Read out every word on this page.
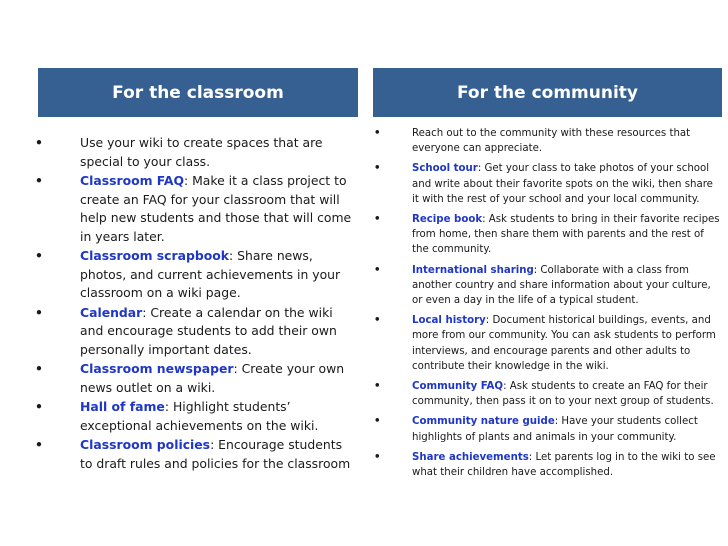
For the classroom
•	Use your wiki to create spaces that are special to your class.
•	Classroom FAQ: Make it a class project to create an FAQ for your classroom that will help new students and those that will come in years later.
•	Classroom scrapbook: Share news, photos, and current achievements in your classroom on a wiki page.
•	Calendar: Create a calendar on the wiki and encourage students to add their own personally important dates.
•	Classroom newspaper: Create your own news outlet on a wiki.
•	Hall of fame: Highlight students’ exceptional achievements on the wiki.
•	Classroom policies: Encourage students to draft rules and policies for the classroom
For the community
•	Reach out to the community with these resources that everyone can appreciate.
•	School tour: Get your class to take photos of your school and write about their favorite spots on the wiki, then share it with the rest of your school and your local community.
•	Recipe book: Ask students to bring in their favorite recipes from home, then share them with parents and the rest of the community.
•	International sharing: Collaborate with a class from another country and share information about your culture, or even a day in the life of a typical student.
•	Local history: Document historical buildings, events, and more from our community. You can ask students to perform interviews, and encourage parents and other adults to contribute their knowledge in the wiki.
•	Community FAQ: Ask students to create an FAQ for their community, then pass it on to your next group of students.
•	Community nature guide: Have your students collect highlights of plants and animals in your community.
•	Share achievements: Let parents log in to the wiki to see what their children have accomplished.
